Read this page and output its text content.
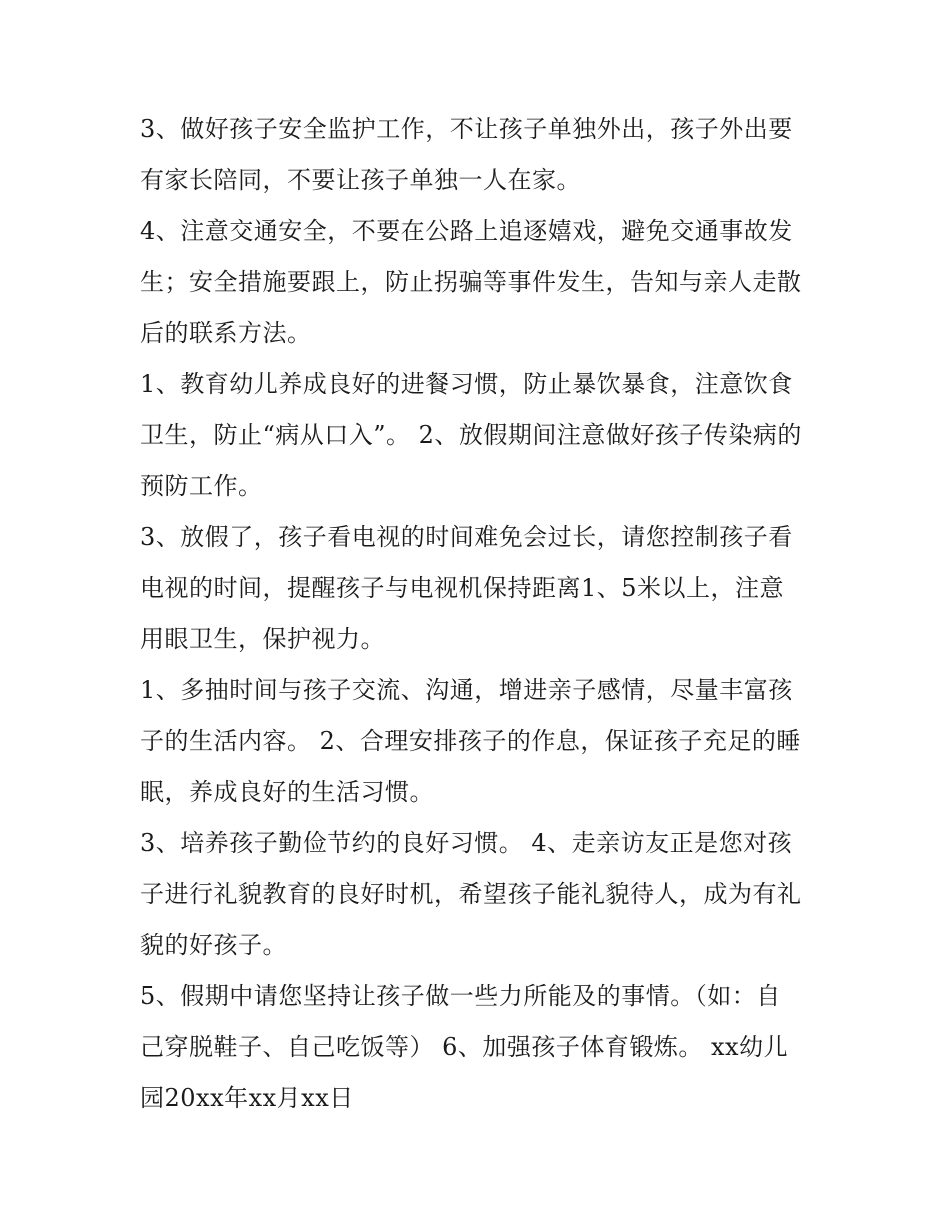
3、做好孩子安全监护工作，不让孩子单独外出，孩子外出要
有家长陪同，不要让孩子单独一人在家。
4、注意交通安全，不要在公路上追逐嬉戏，避免交通事故发
生；安全措施要跟上，防止拐骗等事件发生，告知与亲人走散
后的联系方法。
1、教育幼儿养成良好的进餐习惯，防止暴饮暴食，注意饮食
卫生，防止“病从口入”。 2、放假期间注意做好孩子传染病的
预防工作。
3、放假了，孩子看电视的时间难免会过长，请您控制孩子看
电视的时间，提醒孩子与电视机保持距离1、5米以上，注意
用眼卫生，保护视力。
1、多抽时间与孩子交流、沟通，增进亲子感情，尽量丰富孩
子的生活内容。 2、合理安排孩子的作息，保证孩子充足的睡
眠，养成良好的生活习惯。
3、培养孩子勤俭节约的良好习惯。 4、走亲访友正是您对孩
子进行礼貌教育的良好时机，希望孩子能礼貌待人，成为有礼
貌的好孩子。
5、假期中请您坚持让孩子做一些力所能及的事情。（如：自
己穿脱鞋子、自己吃饭等） 6、加强孩子体育锻炼。 xx幼儿
园20xx年xx月xx日
